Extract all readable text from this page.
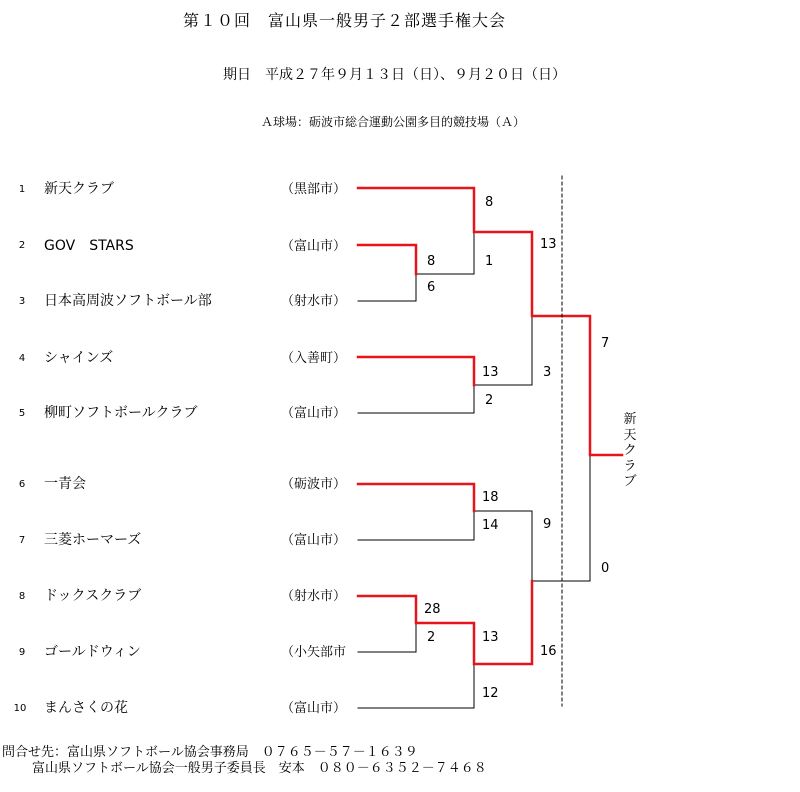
第１０回　富山県一般男子２部選手権大会
期日　平成２７年９月１３日（日）、９月２０日（日）
Ａ球場：砺波市総合運動公園多目的競技場（Ａ）
1	新天クラブ	（黒部市）
2	GOV　STARS	（富山市）
3	日本高周波ソフトボール部	（射水市）
4	シャインズ	（入善町）
5	柳町ソフトボールクラブ	（富山市）
6	一青会	（砺波市）
7	三菱ホーマーズ	（富山市）
8	ドックスクラブ	（射水市）
9	ゴールドウィン	（小矢部市
10	まんさくの花	（富山市）
6
8
8
1
13
2
13
3
18
14
28
2	13
12
9
16
7
0
新天クラブ
問合せ先：富山県ソフトボール協会事務局　０７６５－５７－１６３９
富山県ソフトボール協会一般男子委員長　安本　０８０－６３５２－７４６８
